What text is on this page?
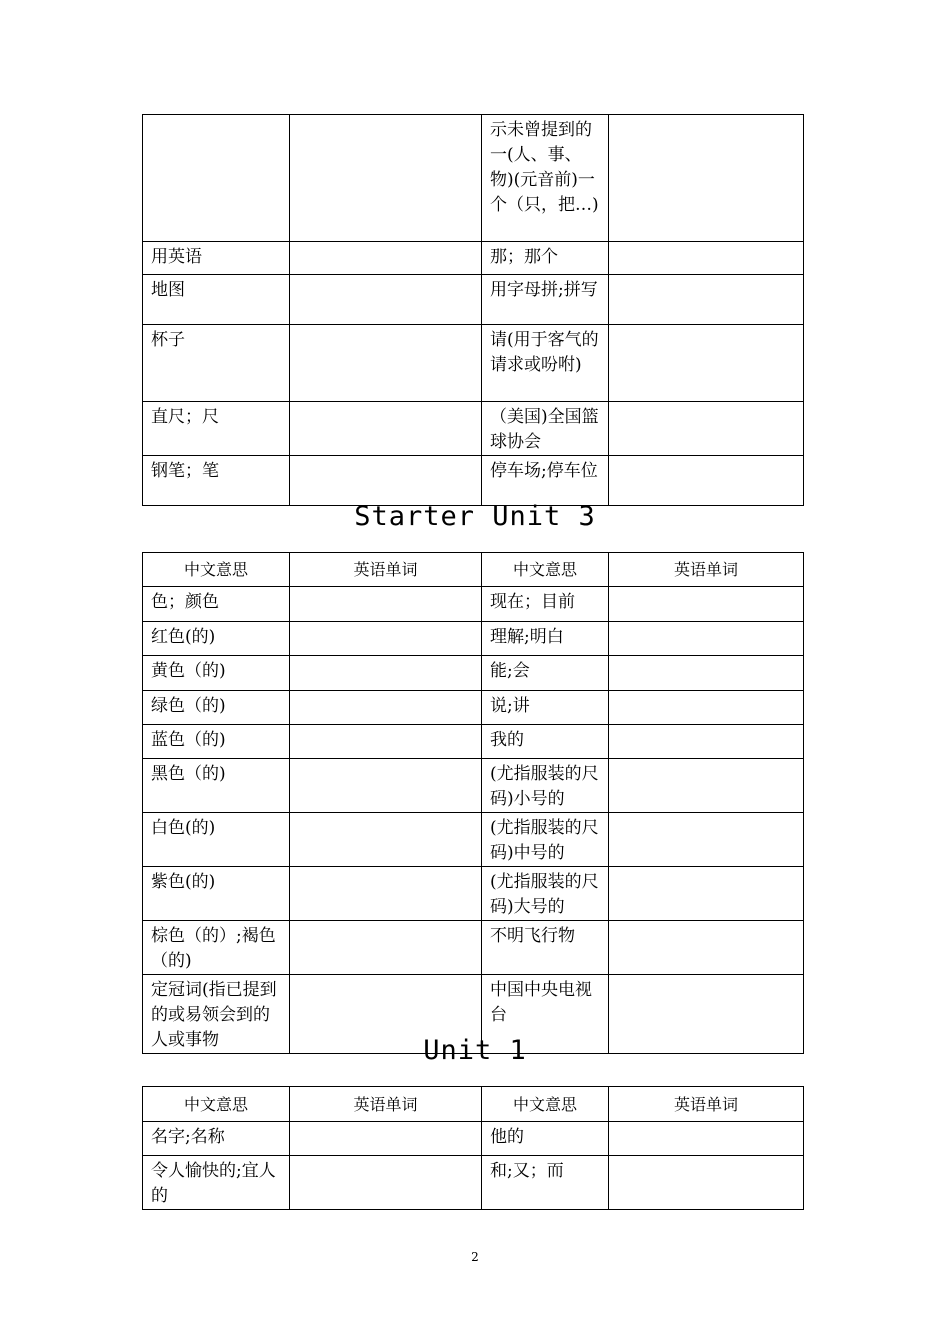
		示未曾提到的一(人、事、物)(元音前)一个（只，把…)	
用英语		那；那个	
地图		用字母拼;拼写	
杯子		请(用于客气的请求或吩咐)	
直尺；尺		（美国)全国篮球协会	
钢笔；笔		停车场;停车位	
Starter Unit 3
中文意思	英语单词	中文意思	英语单词
色；颜色		现在；目前	
红色(的)		理解;明白	
黄色（的)		能;会	
绿色（的)		说;讲	
蓝色（的)		我的	
黑色（的)		(尤指服装的尺码)小号的	
白色(的)		(尤指服装的尺码)中号的	
紫色(的)		(尤指服装的尺码)大号的	
棕色（的）;褐色（的)		不明飞行物	
定冠词(指已提到的或易领会到的人或事物		中国中央电视台	
Unit 1
中文意思	英语单词	中文意思	英语单词
名字;名称		他的	
令人愉快的;宜人的		和;又；而	
2
